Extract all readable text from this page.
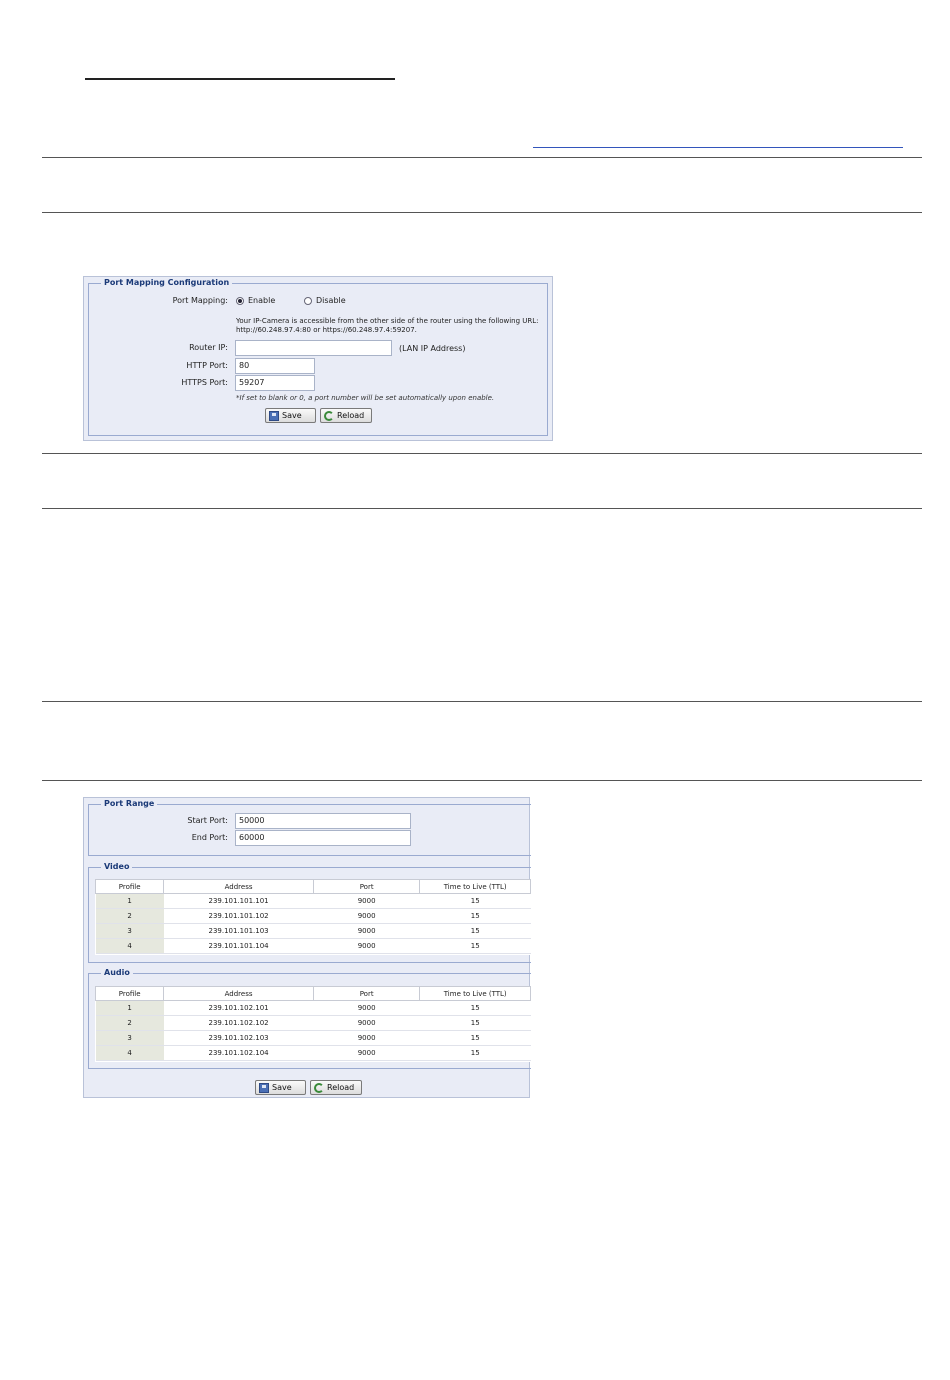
Port Mapping Configuration
Port Mapping:	Enable	Disable
Your IP-Camera is accessible from the other side of the router using the following URL:
http://60.248.97.4:80 or https://60.248.97.4:59207.
Router IP:	(LAN IP Address)
HTTP Port:	80
HTTPS Port:	59207
*If set to blank or 0, a port number will be set automatically upon enable.
Save	Reload
Port Range
Start Port:	50000
End Port:	60000
Video
Profile	Address	Port	Time to Live (TTL)
1	239.101.101.101	9000	15
2	239.101.101.102	9000	15
3	239.101.101.103	9000	15
4	239.101.101.104	9000	15
Audio
Profile	Address	Port	Time to Live (TTL)
1	239.101.102.101	9000	15
2	239.101.102.102	9000	15
3	239.101.102.103	9000	15
4	239.101.102.104	9000	15
Save	Reload
